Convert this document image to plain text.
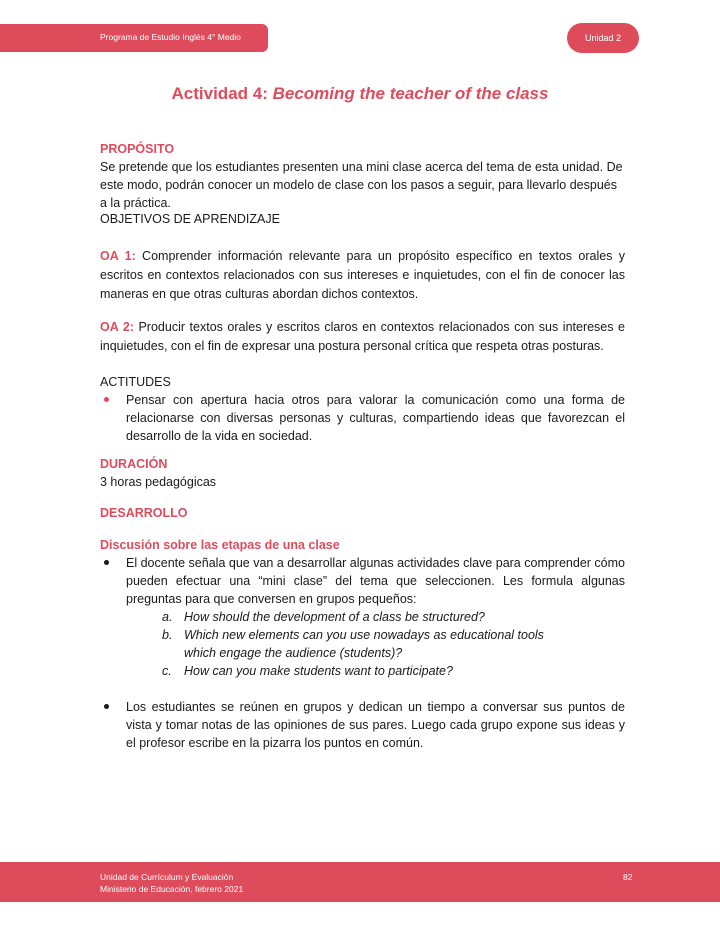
Programa de Estudio Inglés 4° Medio	Unidad 2
Actividad 4: Becoming the teacher of the class
PROPÓSITO
Se pretende que los estudiantes presenten una mini clase acerca del tema de esta unidad. De este modo, podrán conocer un modelo de clase con los pasos a seguir, para llevarlo después a la práctica.
OBJETIVOS DE APRENDIZAJE
OA 1: Comprender información relevante para un propósito específico en textos orales y escritos en contextos relacionados con sus intereses e inquietudes, con el fin de conocer las maneras en que otras culturas abordan dichos contextos.
OA 2: Producir textos orales y escritos claros en contextos relacionados con sus intereses e inquietudes, con el fin de expresar una postura personal crítica que respeta otras posturas.
ACTITUDES
Pensar con apertura hacia otros para valorar la comunicación como una forma de relacionarse con diversas personas y culturas, compartiendo ideas que favorezcan el desarrollo de la vida en sociedad.
DURACIÓN
3 horas pedagógicas
DESARROLLO
Discusión sobre las etapas de una clase
El docente señala que van a desarrollar algunas actividades clave para comprender cómo pueden efectuar una “mini clase” del tema que seleccionen. Les formula algunas preguntas para que conversen en grupos pequeños:
a. How should the development of a class be structured?
b. Which new elements can you use nowadays as educational tools which engage the audience (students)?
c. How can you make students want to participate?
Los estudiantes se reúnen en grupos y dedican un tiempo a conversar sus puntos de vista y tomar notas de las opiniones de sus pares. Luego cada grupo expone sus ideas y el profesor escribe en la pizarra los puntos en común.
Unidad de Currículum y Evaluación
Ministerio de Educación, febrero 2021
82
